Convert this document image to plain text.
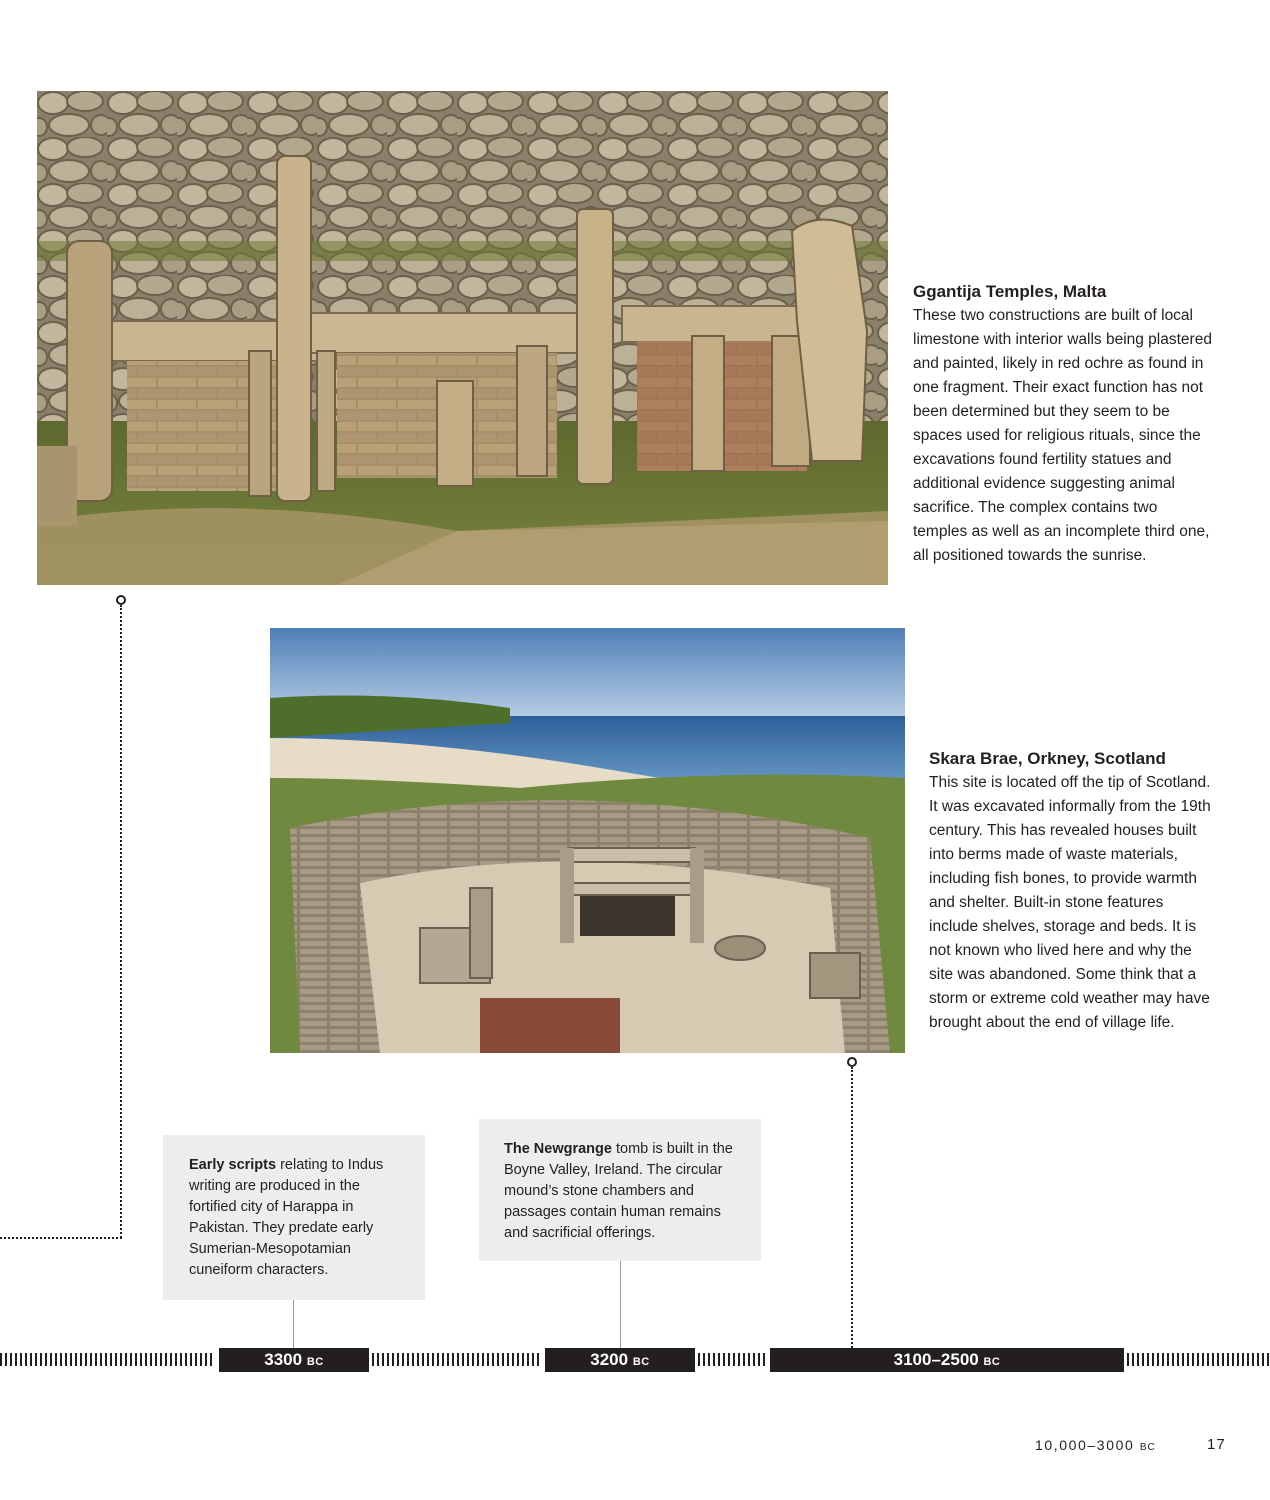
Ggantija Temples, Malta

These two constructions are built of local limestone with interior walls being plastered and painted, likely in red ochre as found in one fragment. Their exact function has not been determined but they seem to be spaces used for religious rituals, since the excavations found fertility statues and additional evidence suggesting animal sacrifice. The complex contains two temples as well as an incomplete third one, all positioned towards the sunrise.

Skara Brae, Orkney, Scotland

This site is located off the tip of Scotland. It was excavated informally from the 19th century. This has revealed houses built into berms made of waste materials, including fish bones, to provide warmth and shelter. Built-in stone features include shelves, storage and beds. It is not known who lived here and why the site was abandoned. Some think that a storm or extreme cold weather may have brought about the end of village life.

Early scripts relating to Indus writing are produced in the fortified city of Harappa in Pakistan. They predate early Sumerian-Mesopotamian cuneiform characters.
The Newgrange tomb is built in the Boyne Valley, Ireland. The circular mound’s stone chambers and passages contain human remains and sacrificial offerings.
3300 BC	3200 BC	3100–2500 BC
10,000–3000 BC	17
